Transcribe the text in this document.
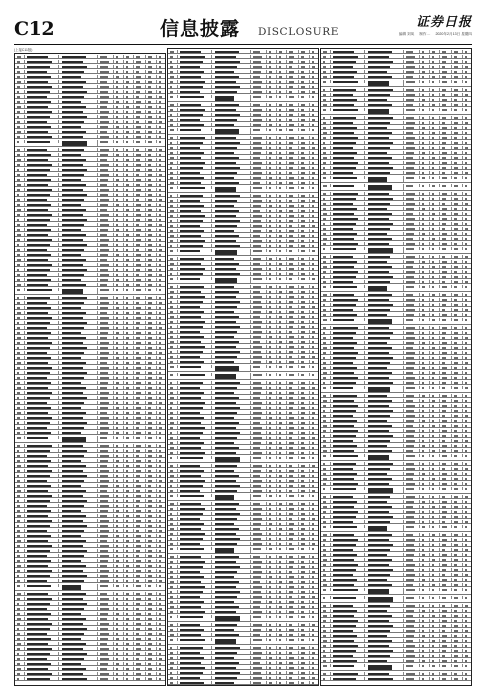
C12	信息披露 DISCLOSURE
证券日报
编辑 刘凤 制作 ... 2020年2月13日 星期四
(上接C11版)
